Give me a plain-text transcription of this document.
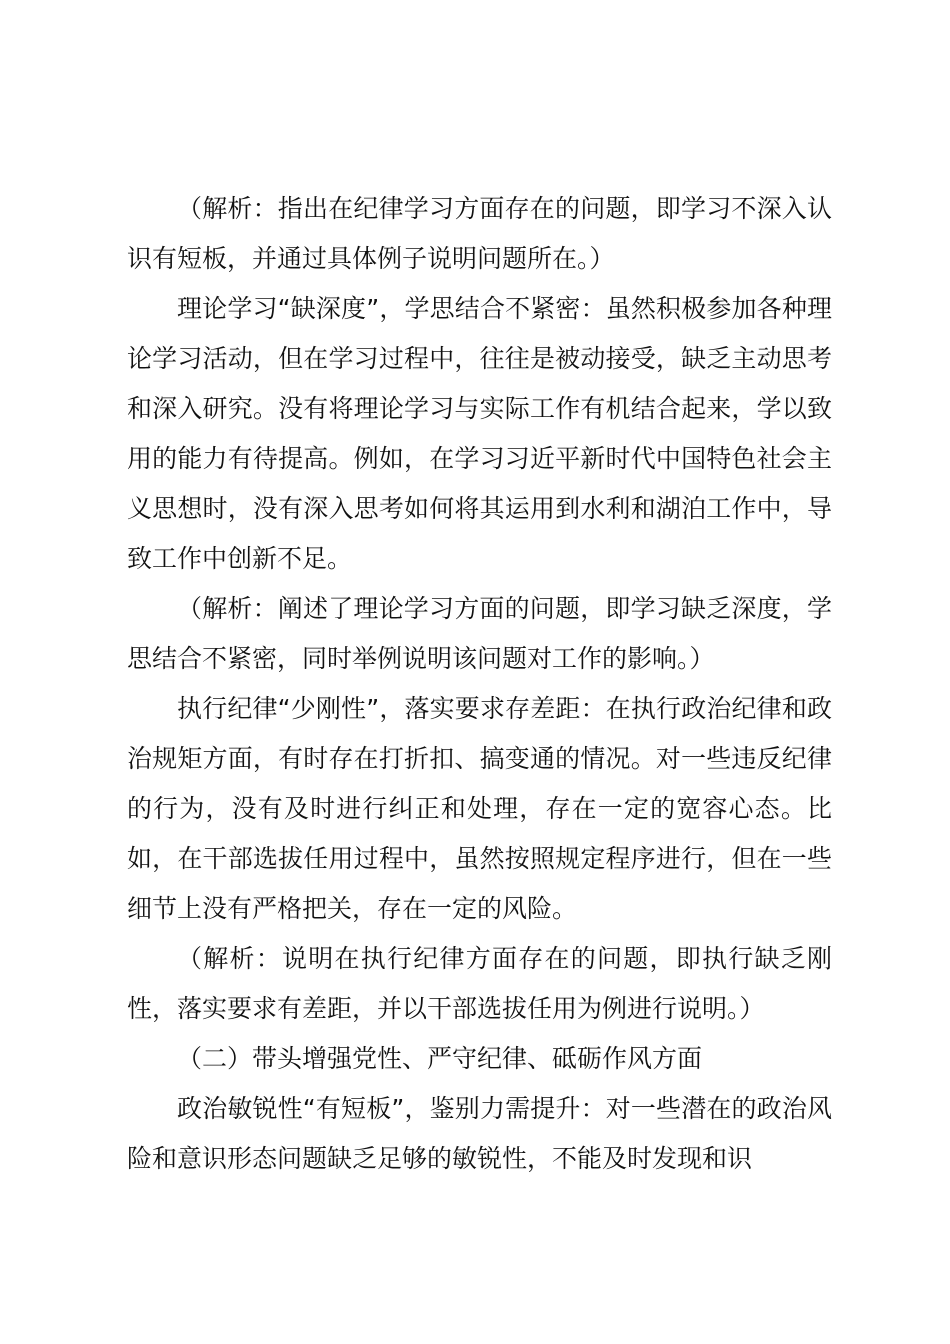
（解析：指出在纪律学习方面存在的问题，即学习不深入认识有短板，并通过具体例子说明问题所在。）

理论学习“缺深度”，学思结合不紧密：虽然积极参加各种理论学习活动，但在学习过程中，往往是被动接受，缺乏主动思考和深入研究。没有将理论学习与实际工作有机结合起来，学以致用的能力有待提高。例如，在学习习近平新时代中国特色社会主义思想时，没有深入思考如何将其运用到水利和湖泊工作中，导致工作中创新不足。

（解析：阐述了理论学习方面的问题，即学习缺乏深度，学思结合不紧密，同时举例说明该问题对工作的影响。）

执行纪律“少刚性”，落实要求存差距：在执行政治纪律和政治规矩方面，有时存在打折扣、搞变通的情况。对一些违反纪律的行为，没有及时进行纠正和处理，存在一定的宽容心态。比如，在干部选拔任用过程中，虽然按照规定程序进行，但在一些细节上没有严格把关，存在一定的风险。

（解析：说明在执行纪律方面存在的问题，即执行缺乏刚性，落实要求有差距，并以干部选拔任用为例进行说明。）

（二）带头增强党性、严守纪律、砥砺作风方面

政治敏锐性“有短板”，鉴别力需提升：对一些潜在的政治风险和意识形态问题缺乏足够的敏锐性，不能及时发现和识
